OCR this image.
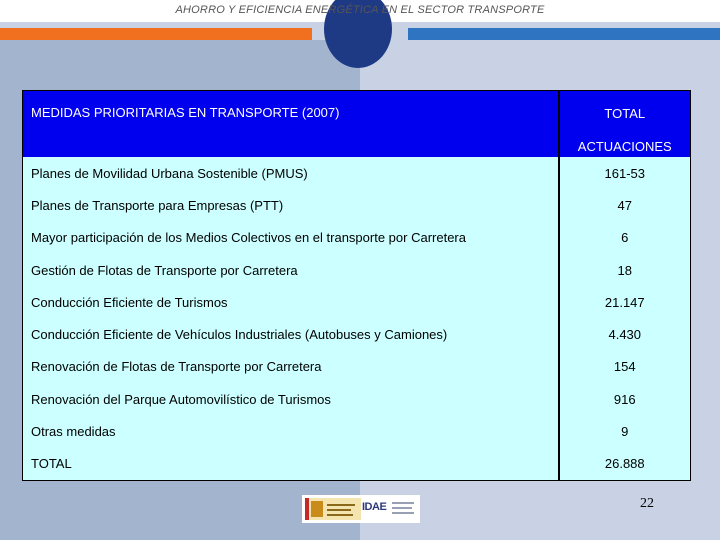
AHORRO Y EFICIENCIA ENERGÉTICA EN EL SECTOR TRANSPORTE
MEDIDAS PRIORITARIAS EN TRANSPORTE (2007)	TOTAL
	ACTUACIONES
Planes de Movilidad Urbana Sostenible (PMUS)	161-53
Planes de Transporte para Empresas (PTT)	47
Mayor participación de los Medios Colectivos en el transporte por Carretera	6
Gestión de Flotas de Transporte por Carretera	18
Conducción Eficiente de Turismos	21.147
Conducción Eficiente de Vehículos Industriales (Autobuses y Camiones)	4.430
Renovación de Flotas de Transporte por Carretera	154
Renovación del Parque Automovilístico de Turismos	916
Otras medidas	9
TOTAL	26.888
IDAE	22
